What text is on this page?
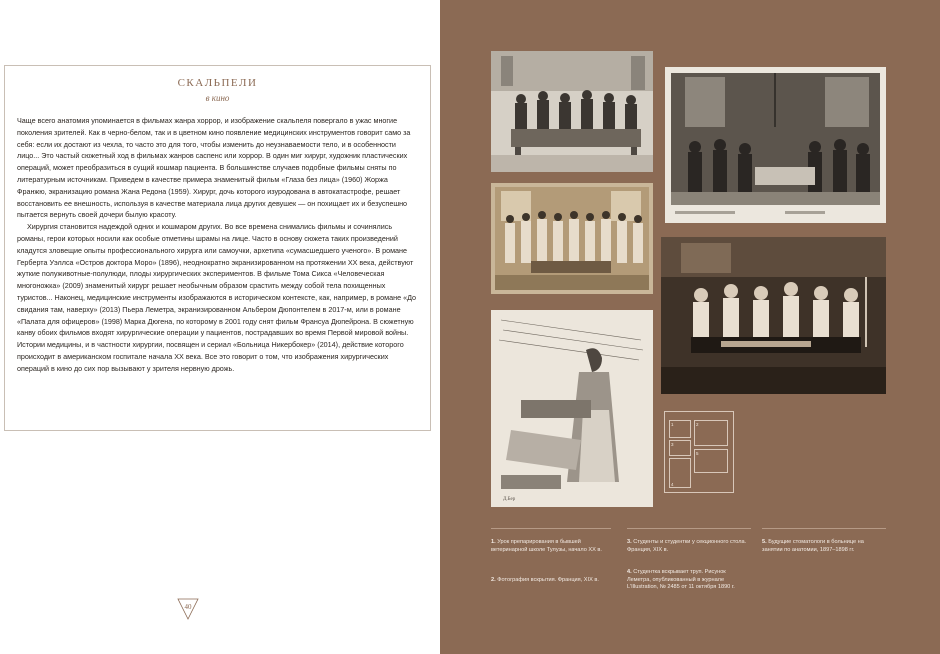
СКАЛЬПЕЛИ
в кино

Чаще всего анатомия упоминается в фильмах жанра хоррор, и изображение скальпеля повергало в ужас многие поколения зрителей. Как в черно-белом, так и в цветном кино появление медицинских инструментов говорит само за себя: если их достают из чехла, то часто это для того, чтобы изменить до неузнаваемости тело, и в особенности лицо... Это частый сюжетный ход в фильмах жанров саспенс или хоррор. В один миг хирург, художник пластических операций, может преобразиться в сущий кошмар пациента. В большинстве случаев подобные фильмы сняты по литературным источникам. Приведем в качестве примера знаменитый фильм «Глаза без лица» (1960) Жоржа Франжю, экранизацию романа Жана Редона (1959). Хирург, дочь которого изуродована в автокатастрофе, решает восстановить ее внешность, используя в качестве материала лица других девушек — он похищает их и безуспешно пытается вернуть своей дочери былую красоту.

Хирургия становится надеждой одних и кошмаром других. Во все времена снимались фильмы и сочинялись романы, герои которых носили как особые отметины шрамы на лице. Часто в основу сюжета таких произведений кладутся зловещие опыты профессионального хирурга или самоучки, архетипа «сумасшедшего ученого». В романе Герберта Уэллса «Остров доктора Моро» (1896), неоднократно экранизированном на протяжении XX века, действуют жуткие полуживотные-полулюди, плоды хирургических экспериментов. В фильме Тома Сикса «Человеческая многоножка» (2009) знаменитый хирург решает необычным образом срастить между собой тела похищенных туристов... Наконец, медицинские инструменты изображаются в историческом контексте, как, например, в романе «До свидания там, наверху» (2013) Пьера Леметра, экранизированном Альбером Дюпонтелем в 2017-м, или в романе «Палата для офицеров» (1998) Марка Дюгена, по которому в 2001 году снят фильм Франсуа Дюпейрона. В сюжетную канву обоих фильмов входят хирургические операции у пациентов, пострадавших во время Первой мировой войны. Истории медицины, и в частности хирургии, посвящен и сериал «Больница Никербокер» (2014), действие которого происходит в американском госпитале начала XX века. Все это говорит о том, что изображения хирургических операций в кино до сих пор вызывают у зрителя нервную дрожь.

40
Д.Бер
1	2
3
4
5
1. Урок препарирования в бывшей ветеринарной школе Тулузы, начало XX в.
2. Фотография вскрытия. Франция, XIX в.
3. Студенты и студентки у секционного стола. Франция, XIX в.
4. Студентка вскрывает труп. Рисунок Леметра, опубликованный в журнале L'Illustration, № 2485 от 11 октября 1890 г.
5. Будущие стоматологи в больнице на занятии по анатомии, 1897–1898 гг.
